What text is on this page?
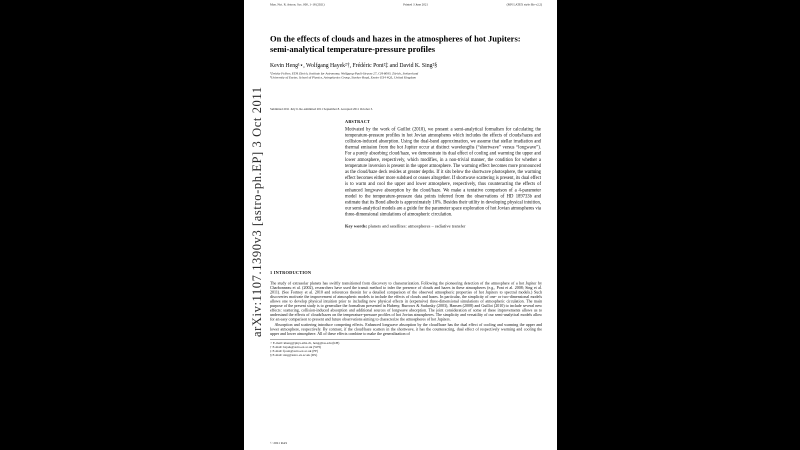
arXiv:1107.1390v3 [astro-ph.EP] 3 Oct 2011
Mon. Not. R. Astron. Soc. 000, 1–18 (2021)	Printed 3 June 2021	(MN LATEX style file v2.2)
On the effects of clouds and hazes in the atmospheres of hot Jupiters: semi-analytical temperature-pressure profiles
Kevin Heng¹⋆, Wolfgang Hayek²†, Frédéric Pont²‡ and David K. Sing²§
¹Zwicky Fellow, ETH Zürich, Institute for Astronomy, Wolfgang-Pauli-Strasse 27, CH-8093, Zürich, Switzerland
²University of Exeter, School of Physics, Astrophysics Group, Stocker Road, Exeter EX4 4QL, United Kingdom
Submitted 2011 July 6. Re-submitted 2011 September 8. Accepted 2011 October 3.
ABSTRACT

Motivated by the work of Guillot (2010), we present a semi-analytical formalism for calculating the temperature-pressure profiles in hot Jovian atmospheres which includes the effects of clouds/hazes and collision-induced absorption. Using the dual-band approximation, we assume that stellar irradiation and thermal emission from the hot Jupiter occur at distinct wavelengths (“shortwave” versus “longwave”). For a purely absorbing cloud/haze, we demonstrate its dual effect of cooling and warming the upper and lower atmosphere, respectively, which modifies, in a non-trivial manner, the condition for whether a temperature inversion is present in the upper atmosphere. The warming effect becomes more pronounced as the cloud/haze deck resides at greater depths. If it sits below the shortwave photosphere, the warming effect becomes either more subdued or ceases altogether. If shortwave scattering is present, its dual effect is to warm and cool the upper and lower atmosphere, respectively, thus counteracting the effects of enhanced longwave absorption by the cloud/haze. We make a tentative comparison of a 4-parameter model to the temperature-pressure data points inferred from the observations of HD 189733b and estimate that its Bond albedo is approximately 10%. Besides their utility in developing physical intuition, our semi-analytical models are a guide for the parameter space exploration of hot Jovian atmospheres via three-dimensional simulations of atmospheric circulation.

Key words: planets and satellites: atmospheres – radiative transfer

1 INTRODUCTION

The study of extrasolar planets has swiftly transitioned from discovery to characterization. Following the pioneering detection of the atmosphere of a hot Jupiter by Charbonneau et al. (2002), researchers have used the transit method to infer the presence of clouds and hazes in these atmospheres (e.g., Pont et al. 2008; Sing et al. 2011). (See Fortney et al. 2010 and references therein for a detailed comparison of the observed atmospheric properties of hot Jupiters to spectral models.) Such discoveries motivate the improvement of atmospheric models to include the effects of clouds and hazes. In particular, the simplicity of one- or two-dimensional models allows one to develop physical intuition prior to including new physical effects in (expensive) three-dimensional simulations of atmospheric circulation. The main purpose of the present study is to generalize the formalism presented in Hubeny, Burrows & Sudarsky (2003), Hansen (2008) and Guillot (2010) to include several new effects: scattering, collision-induced absorption and additional sources of longwave absorption. The joint consideration of some of these improvements allows us to understand the effects of clouds/hazes on the temperature-pressure profiles of hot Jovian atmospheres. The simplicity and versatility of our semi-analytical models allow for an easy comparison to present and future observations aiming to characterize the atmospheres of hot Jupiters.

Absorption and scattering introduce competing effects. Enhanced longwave absorption by the cloud/haze has the dual effect of cooling and warming the upper and lower atmosphere, respectively. By contrast, if the cloud/haze scatters in the shortwave, it has the counteracting, dual effect of respectively warming and cooling the upper and lower atmosphere. All of these effects combine to make the generalization of

⋆ E-mail: kheng@phys.ethz.ch, heng@ias.edu (KH)
† E-mail: hayek@astro.ex.ac.uk (WH)
‡ E-mail: fpont@astro.ex.ac.uk (FP)
§ E-mail: sing@astro.ex.ac.uk (DS)
© 2021 RAS
